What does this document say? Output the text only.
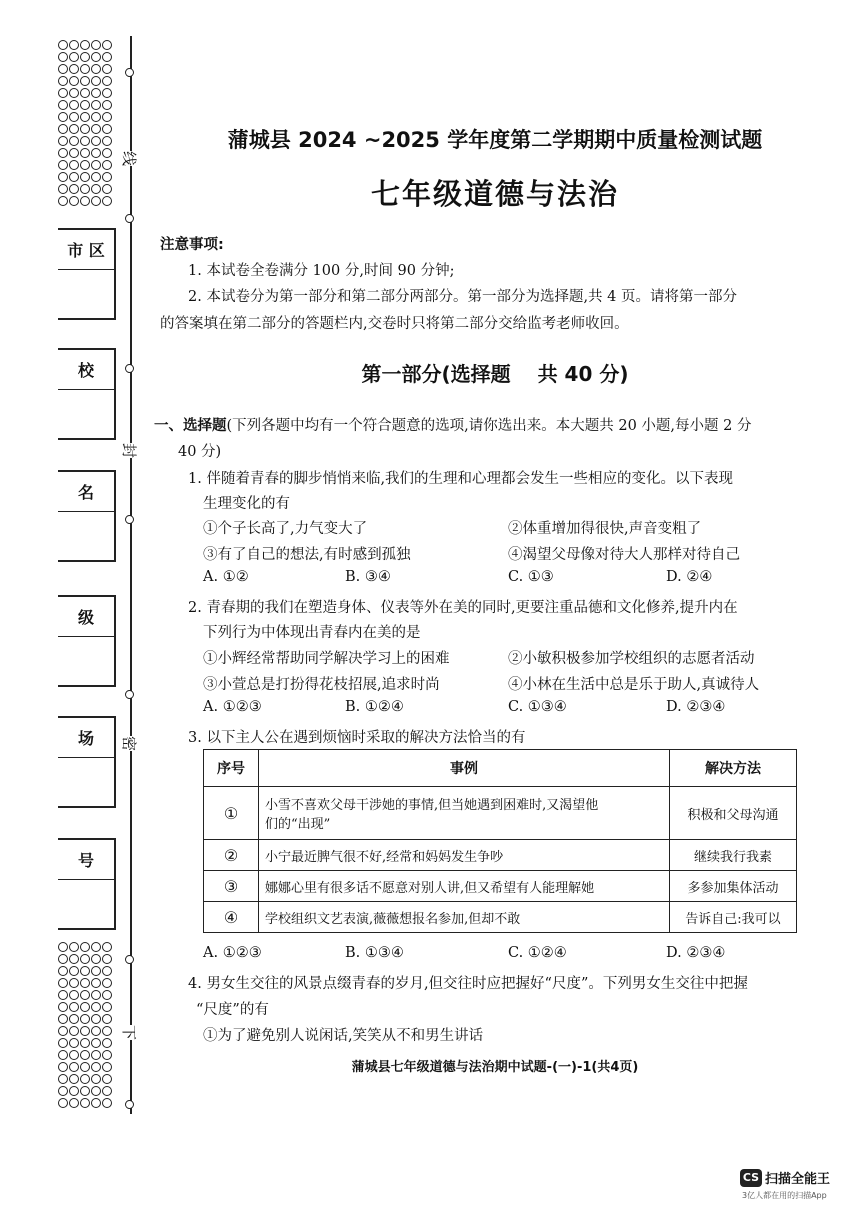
线
封
密
下
市 区
校
名
级
场
号
蒲城县 2024 ~2025 学年度第二学期期中质量检测试题
七年级道德与法治
注意事项:
1. 本试卷全卷满分 100 分,时间 90 分钟;
2. 本试卷分为第一部分和第二部分两部分。第一部分为选择题,共 4 页。请将第一部分
的答案填在第二部分的答题栏内,交卷时只将第二部分交给监考老师收回。
第一部分(选择题　 共 40 分)
一、选择题(下列各题中均有一个符合题意的选项,请你选出来。本大题共 20 小题,每小题 2 分
40 分)
1. 伴随着青春的脚步悄悄来临,我们的生理和心理都会发生一些相应的变化。以下表现
生理变化的有
①个子长高了,力气变大了	②体重增加得很快,声音变粗了
③有了自己的想法,有时感到孤独	④渴望父母像对待大人那样对待自己
A. ①②	B. ③④	C. ①③	D. ②④
2. 青春期的我们在塑造身体、仪表等外在美的同时,更要注重品德和文化修养,提升内在
下列行为中体现出青春内在美的是
①小辉经常帮助同学解决学习上的困难	②小敏积极参加学校组织的志愿者活动
③小萱总是打扮得花枝招展,追求时尚	④小林在生活中总是乐于助人,真诚待人
A. ①②③	B. ①②④	C. ①③④	D. ②③④
3. 以下主人公在遇到烦恼时采取的解决方法恰当的有
序号	事例	解决方法
①	小雪不喜欢父母干涉她的事情,但当她遇到困难时,又渴望他
们的“出现”	积极和父母沟通
②	小宁最近脾气很不好,经常和妈妈发生争吵	继续我行我素
③	娜娜心里有很多话不愿意对别人讲,但又希望有人能理解她	多参加集体活动
④	学校组织文艺表演,薇薇想报名参加,但却不敢	告诉自己:我可以
A. ①②③	B. ①③④	C. ①②④	D. ②③④
4. 男女生交往的风景点缀青春的岁月,但交往时应把握好“尺度”。下列男女生交往中把握
“尺度”的有
①为了避免别人说闲话,笑笑从不和男生讲话
蒲城县七年级道德与法治期中试题-(一)-1(共4页)
CS 扫描全能王
3亿人都在用的扫描App
